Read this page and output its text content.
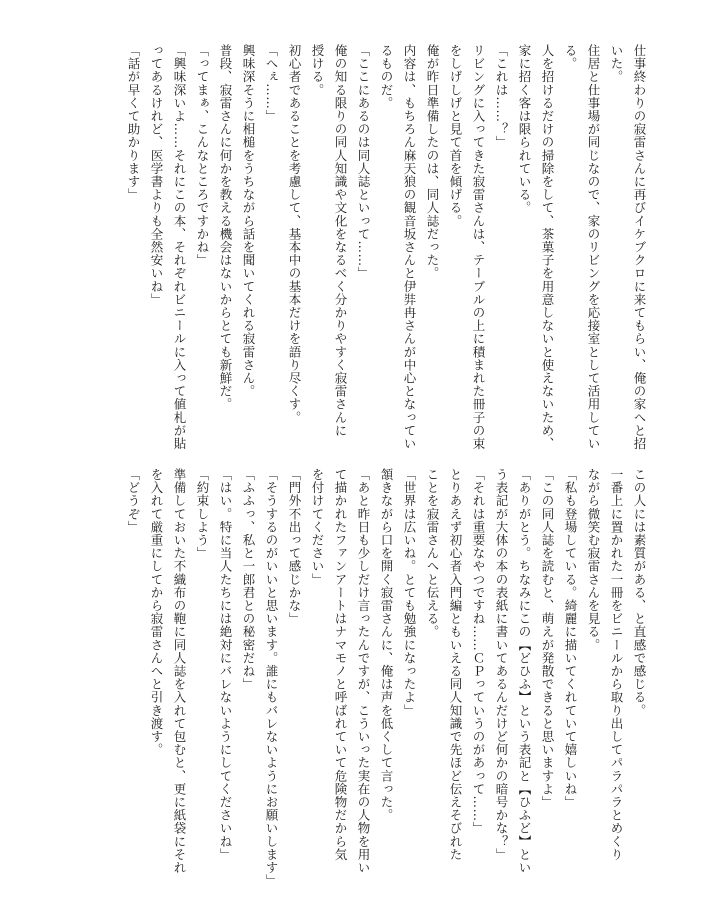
仕事終わりの寂雷さんに再びイケブクロに来てもらい、俺の家へと招
いた。
住居と仕事場が同じなので、家のリビングを応接室として活用してい
る。
人を招けるだけの掃除をして、茶菓子を用意しないと使えないため、
家に招く客は限られている。
「これは……？」
リビングに入ってきた寂雷さんは、テーブルの上に積まれた冊子の束
をしげしげと見て首を傾げる。
俺が昨日準備したのは、同人誌だった。
内容は、もちろん麻天狼の観音坂さんと伊弉冉さんが中心となってい
るものだ。
「ここにあるのは同人誌といって……」
俺の知る限りの同人知識や文化をなるべく分かりやすく寂雷さんに
授ける。
初心者であることを考慮して、基本中の基本だけを語り尽くす。
「へぇ……」
興味深そうに相槌をうちながら話を聞いてくれる寂雷さん。
普段、寂雷さんに何かを教える機会はないからとても新鮮だ。
「ってまぁ、こんなところですかね」
「興味深いよ……それにこの本、それぞれビニールに入って値札が貼
ってあるけれど、医学書よりも全然安いね」
「話が早くて助かります」
この人には素質がある、と直感で感じる。
一番上に置かれた一冊をビニールから取り出してパラパラとめくり
ながら微笑む寂雷さんを見る。
「私も登場している。綺麗に描いてくれていて嬉しいね」
「この同人誌を読むと、萌えが発散できると思いますよ」
「ありがとう。ちなみにこの【どひふ】という表記と【ひふど】とい
う表記が大体の本の表紙に書いてあるんだけど何かの暗号かな？」
「それは重要なやつですね……ＣＰっていうのがあって……」
とりあえず初心者入門編ともいえる同人知識で先ほど伝えそびれた
ことを寂雷さんへと伝える。
「世界は広いね。とても勉強になったよ」
頷きながら口を開く寂雷さんに、俺は声を低くして言った。
「あと昨日も少しだけ言ったんですが、こういった実在の人物を用い
て描かれたファンアートはナマモノと呼ばれていて危険物だから気
を付けてください」
「門外不出って感じかな」
「そうするのがいいと思います。誰にもバレないようにお願いします」
「ふふっ、私と一郎君との秘密だね」
「はい。特に当人たちには絶対にバレないようにしてくださいね」
「約束しよう」
準備しておいた不織布の鞄に同人誌を入れて包むと、更に紙袋にそれ
を入れて厳重にしてから寂雷さんへと引き渡す。
「どうぞ」
